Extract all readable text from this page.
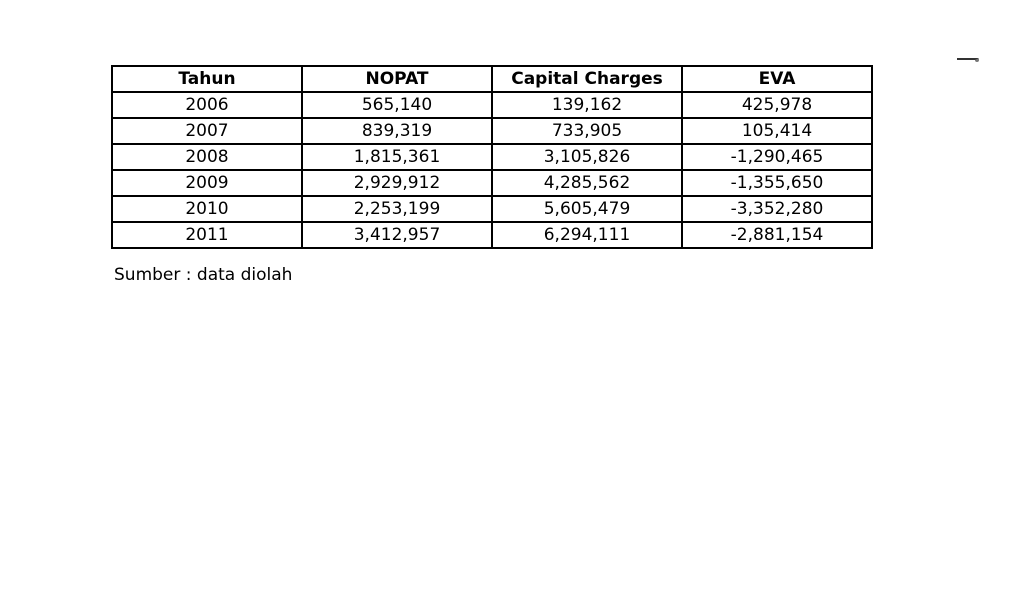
Tahun	NOPAT	Capital Charges	EVA
2006	565,140	139,162	425,978
2007	839,319	733,905	105,414
2008	1,815,361	3,105,826	-1,290,465
2009	2,929,912	4,285,562	-1,355,650
2010	2,253,199	5,605,479	-3,352,280
2011	3,412,957	6,294,111	-2,881,154
Sumber : data diolah
